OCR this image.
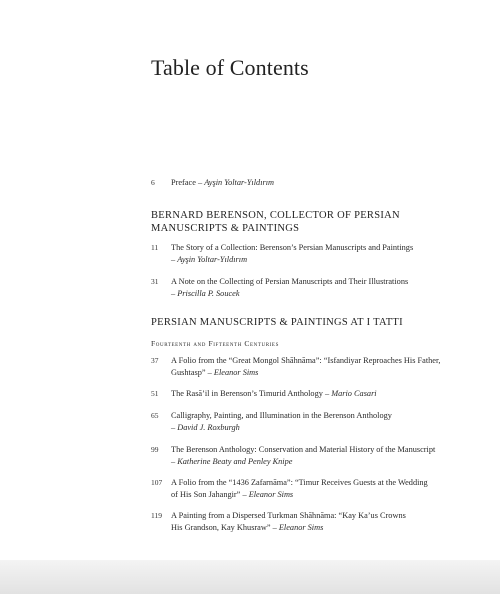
Table of Contents
6	Preface – Ayşin Yoltar-Yıldırım
BERNARD BERENSON, COLLECTOR OF PERSIAN
MANUSCRIPTS & PAINTINGS
11	The Story of a Collection: Berenson’s Persian Manuscripts and Paintings
– Ayşin Yoltar-Yıldırım
31	A Note on the Collecting of Persian Manuscripts and Their Illustrations
– Priscilla P. Soucek
PERSIAN MANUSCRIPTS & PAINTINGS AT I TATTI
Fourteenth and Fifteenth Centuries
37	A Folio from the “Great Mongol Shāhnāma”: “Isfandiyar Reproaches His Father,
Gushtasp” – Eleanor Sims
51	The Rasā’il in Berenson’s Timurid Anthology – Mario Casari
65	Calligraphy, Painting, and Illumination in the Berenson Anthology
– David J. Roxburgh
99	The Berenson Anthology: Conservation and Material History of the Manuscript
– Katherine Beaty and Penley Knipe
107	A Folio from the “1436 Zafarnāma”: “Timur Receives Guests at the Wedding
of His Son Jahangir” – Eleanor Sims
119	A Painting from a Dispersed Turkman Shāhnāma: “Kay Ka’us Crowns
His Grandson, Kay Khusraw” – Eleanor Sims
